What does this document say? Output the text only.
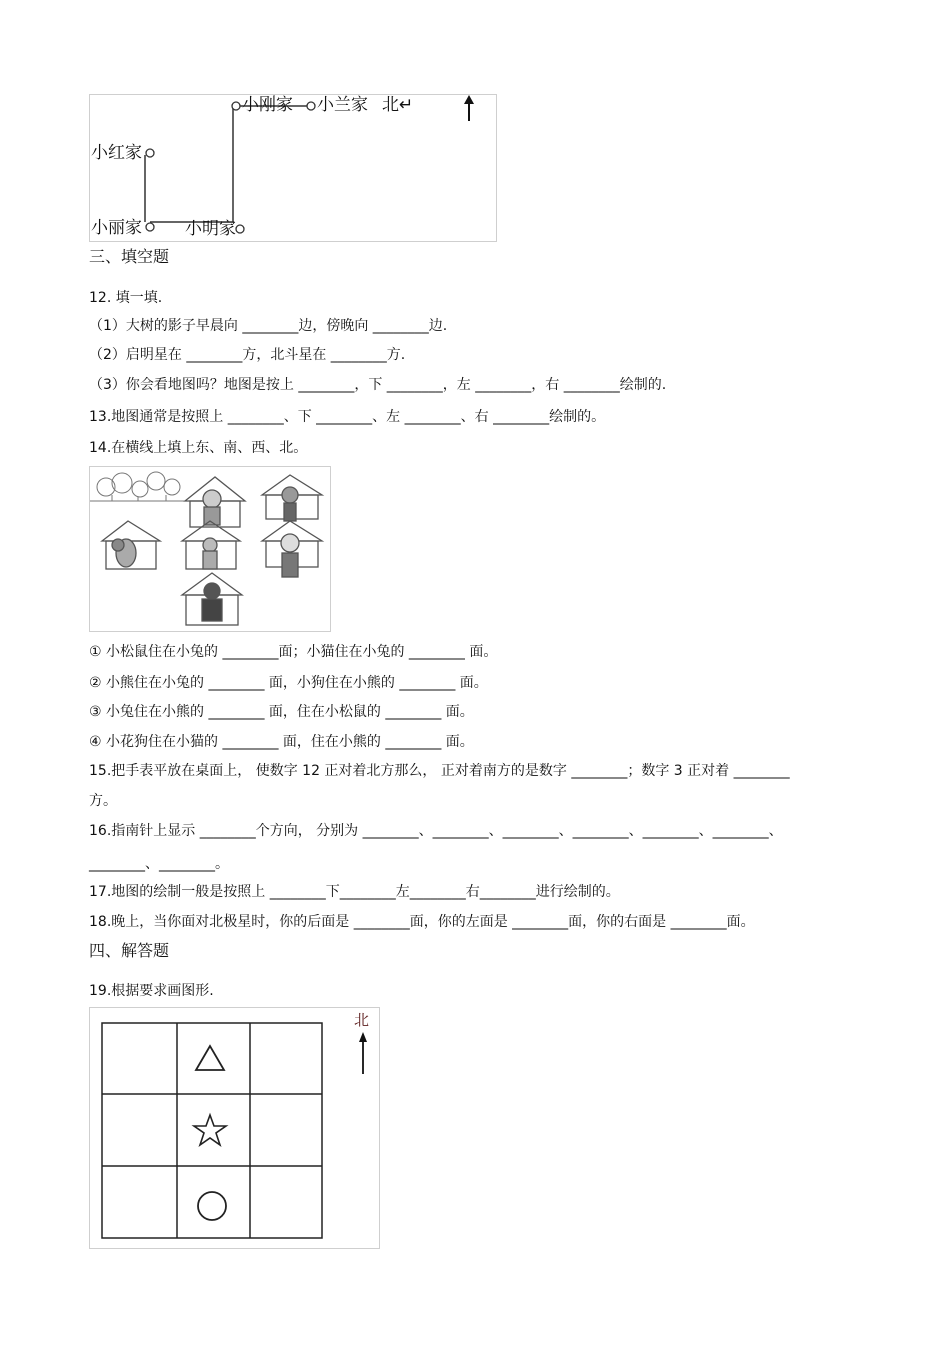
小刚家 小兰家 北↵
小红家
小丽家	小明家
三、填空题
12. 填一填.
（1）大树的影子早晨向 ________边，傍晚向 ________边.
（2）启明星在 ________方，北斗星在 ________方.
（3）你会看地图吗？地图是按上 ________，下 ________，左 ________，右 ________绘制的.
13.地图通常是按照上 ________、下 ________、左 ________、右 ________绘制的。
14.在横线上填上东、南、西、北。
① 小松鼠住在小兔的 ________面；小猫住在小兔的 ________ 面。
② 小熊住在小兔的 ________ 面，小狗住在小熊的 ________ 面。
③ 小兔住在小熊的 ________ 面，住在小松鼠的 ________ 面。
④ 小花狗住在小猫的 ________ 面，住在小熊的 ________ 面。
15.把手表平放在桌面上， 使数字 12 正对着北方那么， 正对着南方的是数字 ________；数字 3 正对着 ________
方。
16.指南针上显示 ________个方向， 分别为 ________、________、________、________、________、________、
________、________。
17.地图的绘制一般是按照上 ________下________左________右________进行绘制的。
18.晚上，当你面对北极星时，你的后面是 ________面，你的左面是 ________面，你的右面是 ________面。
四、解答题
19.根据要求画图形.
北
